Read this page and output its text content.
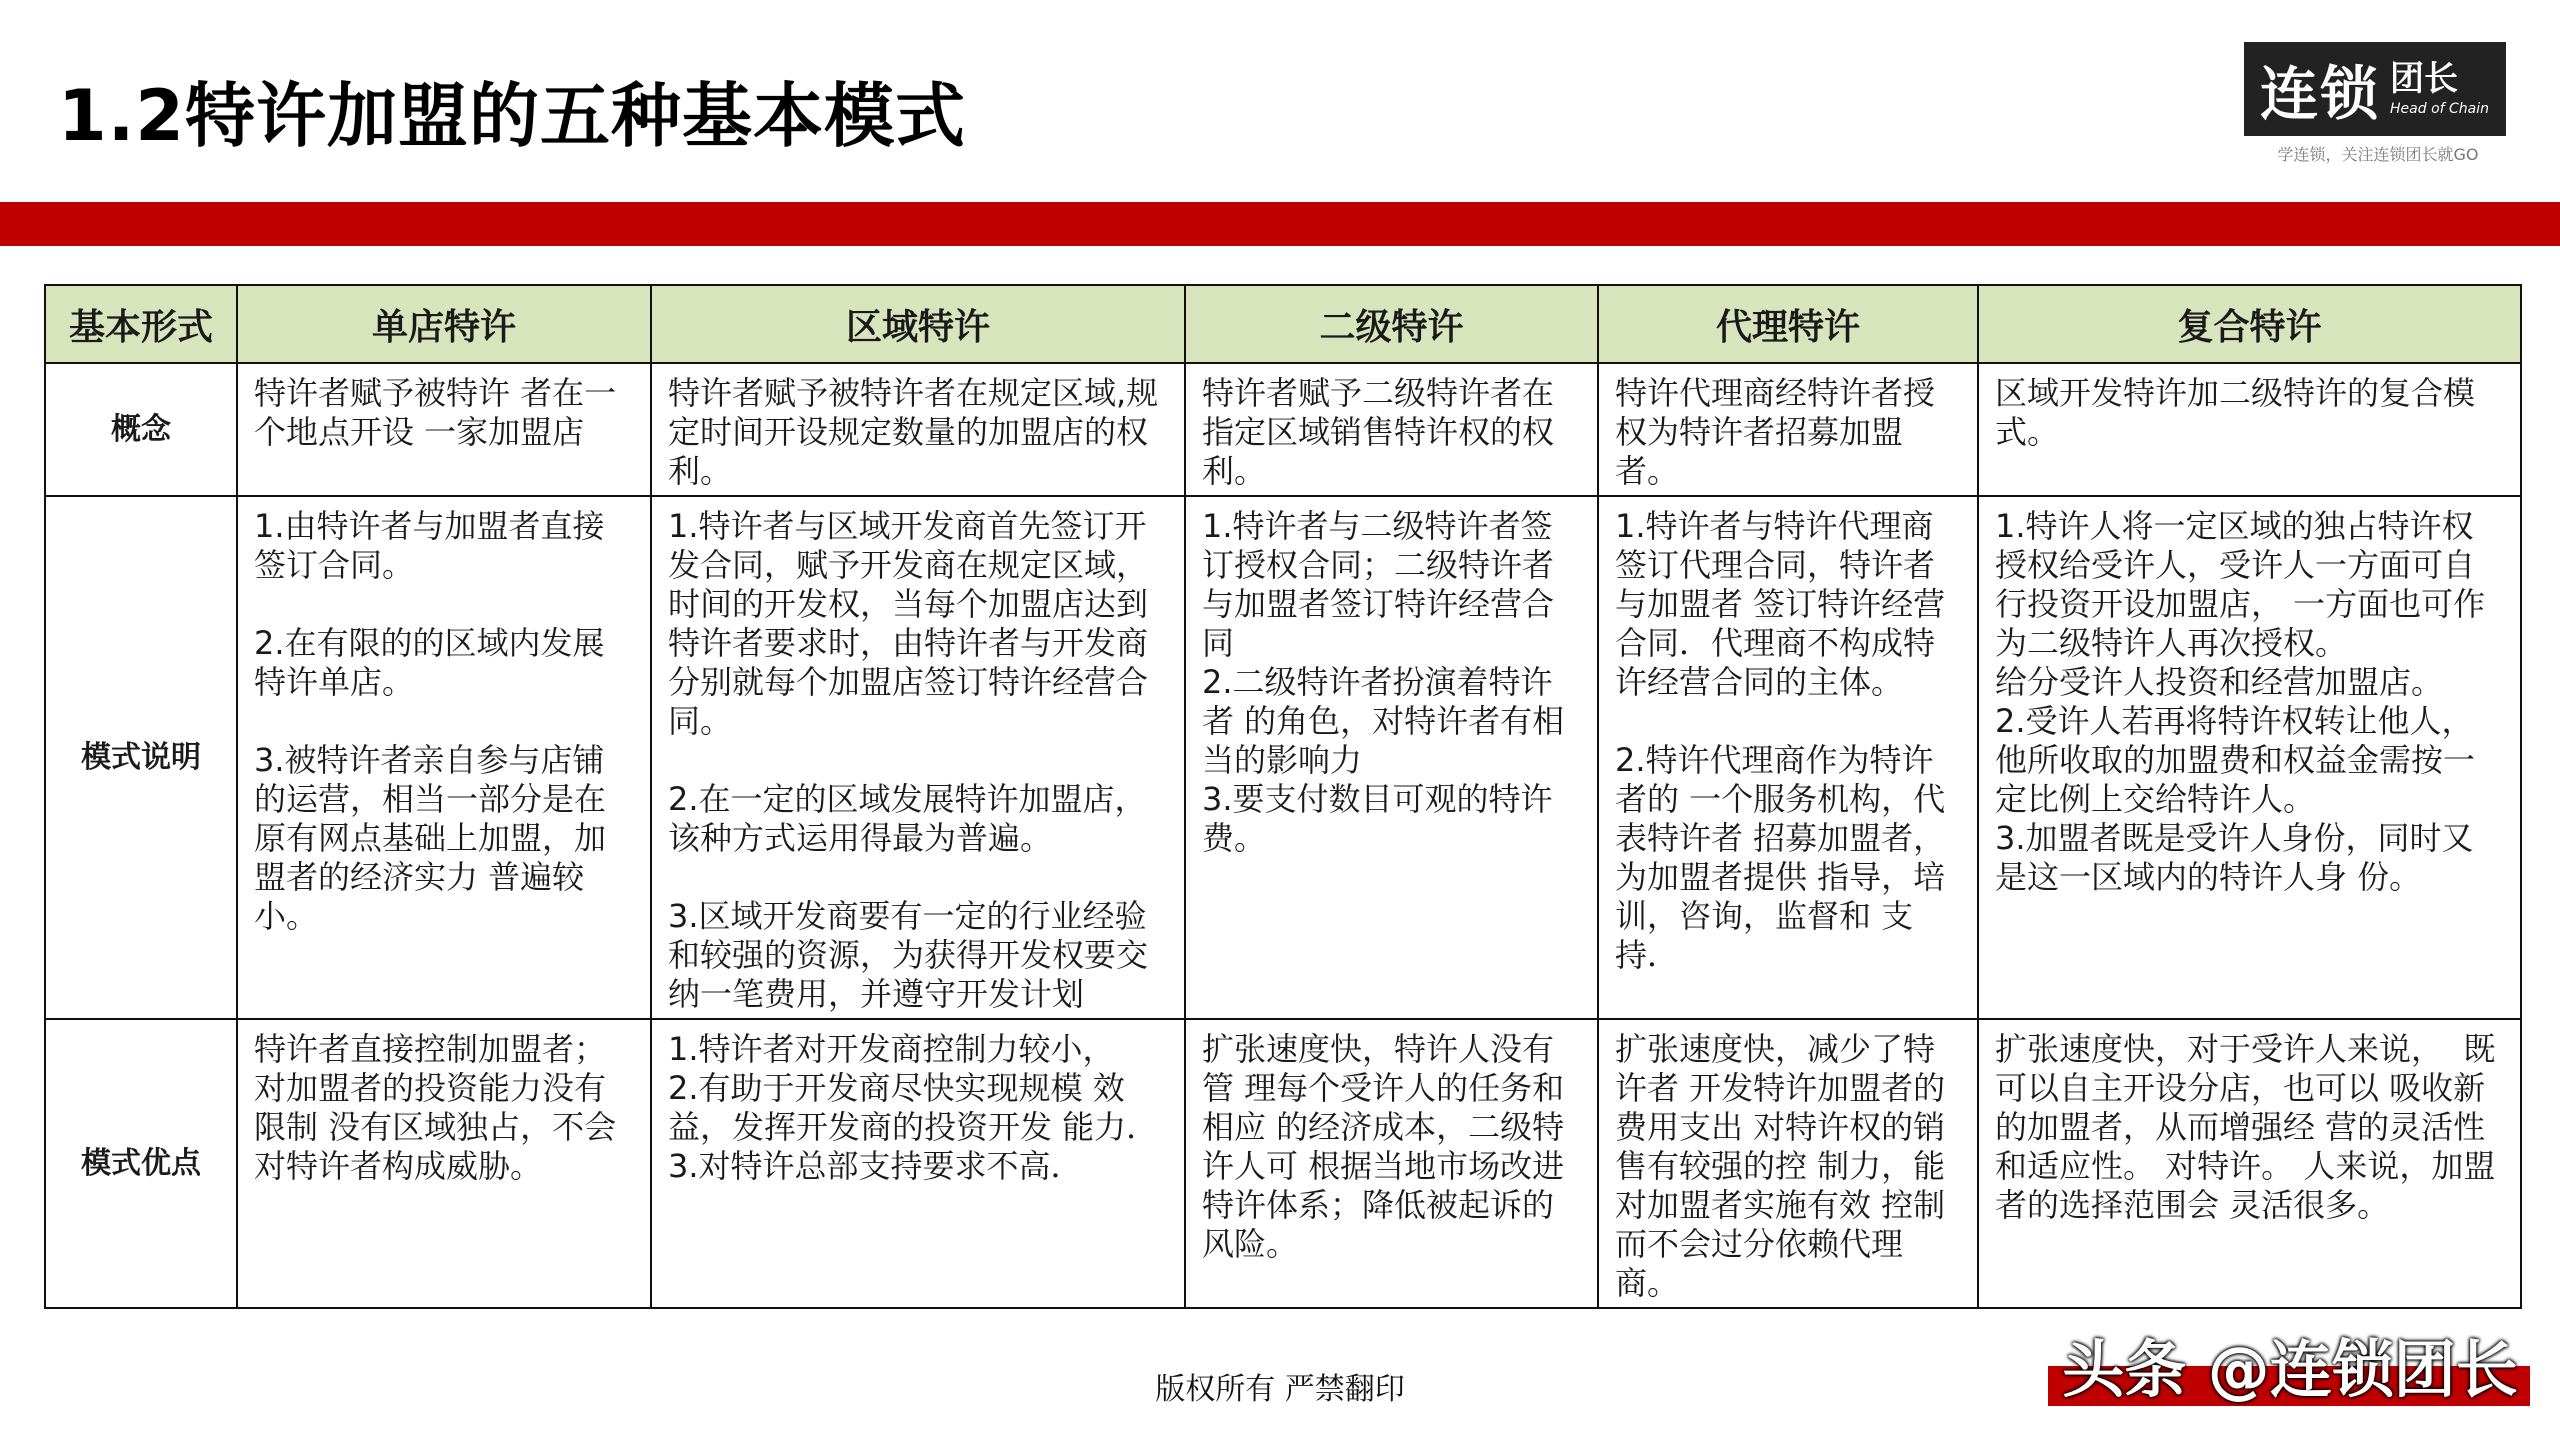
1.2特许加盟的五种基本模式	连锁 团长
Head of Chain
学连锁，关注连锁团长就GO
基本形式	单店特许	区域特许	二级特许	代理特许	复合特许
概念	特许者赋予被特许 者在一个地点开设 一家加盟店	特许者赋予被特许者在规定区域,规定时间开设规定数量的加盟店的权利。	特许者赋予二级特许者在指定区域销售特许权的权利。	特许代理商经特许者授权为特许者招募加盟者。	区域开发特许加二级特许的复合模式。
模式说明	1.由特许者与加盟者直接签订合同。

2.在有限的的区域内发展特许单店。

3.被特许者亲自参与店铺的运营，相当一部分是在原有网点基础上加盟，加盟者的经济实力 普遍较小。	1.特许者与区域开发商首先签订开发合同，赋予开发商在规定区域，时间的开发权，当每个加盟店达到特许者要求时，由特许者与开发商分别就每个加盟店签订特许经营合同。

2.在一定的区域发展特许加盟店，该种方式运用得最为普遍。

3.区域开发商要有一定的行业经验和较强的资源，为获得开发权要交纳一笔费用，并遵守开发计划	1.特许者与二级特许者签订授权合同；二级特许者与加盟者签订特许经营合同
2.二级特许者扮演着特许者 的角色，对特许者有相当的影响力
3.要支付数目可观的特许费。	1.特许者与特许代理商签订代理合同，特许者与加盟者 签订特许经营合同．代理商不构成特许经营合同的主体。

2.特许代理商作为特许者的 一个服务机构，代表特许者 招募加盟者，为加盟者提供 指导，培训，咨询，监督和 支持．	1.特许人将一定区域的独占特许权授权给受许人，受许人一方面可自行投资开设加盟店， 一方面也可作为二级特许人再次授权。
给分受许人投资和经营加盟店。
2.受许人若再将特许权转让他人，他所收取的加盟费和权益金需按一定比例上交给特许人。
3.加盟者既是受许人身份，同时又是这一区域内的特许人身 份。
模式优点	特许者直接控制加盟者；对加盟者的投资能力没有限制 没有区域独占，不会对特许者构成威胁。	1.特许者对开发商控制力较小，
2.有助于开发商尽快实现规模 效益，发挥开发商的投资开发 能力．
3.对特许总部支持要求不高．	扩张速度快，特许人没有管 理每个受许人的任务和相应 的经济成本，二级特许人可 根据当地市场改进特许体系；降低被起诉的风险。	扩张速度快，减少了特许者 开发特许加盟者的费用支出 对特许权的销售有较强的控 制力，能对加盟者实施有效 控制而不会过分依赖代理商。	扩张速度快，对于受许人来说，  既可以自主开设分店，也可以 吸收新的加盟者，从而增强经 营的灵活性和适应性。 对特许。 人来说，加盟者的选择范围会 灵活很多。
版权所有 严禁翻印	头条 @连锁团长
